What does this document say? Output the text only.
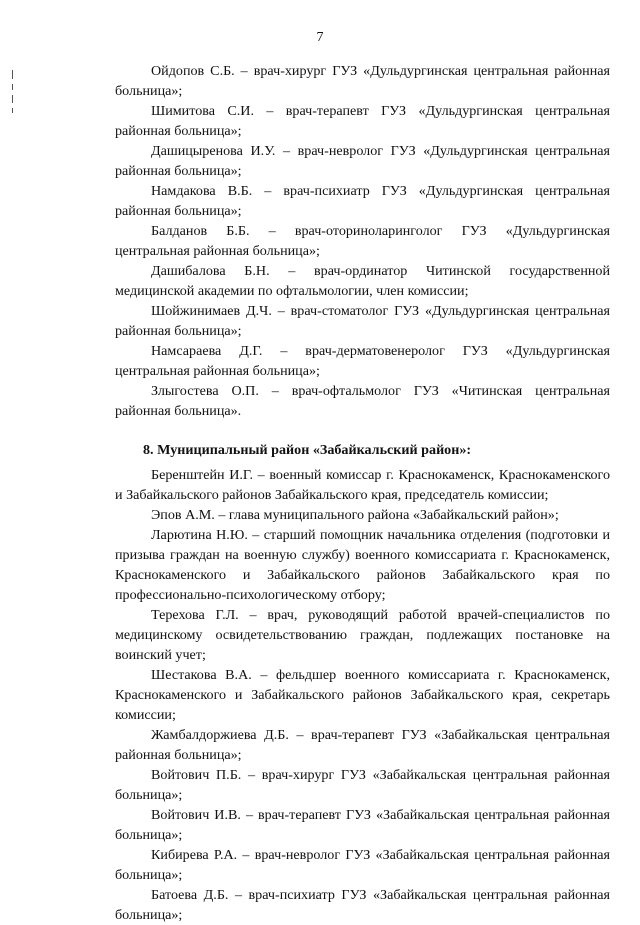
7

Ойдопов С.Б. – врач-хирург ГУЗ «Дульдургинская центральная районная больница»;

Шимитова С.И. – врач-терапевт ГУЗ «Дульдургинская центральная районная больница»;

Дашицыренова И.У. – врач-невролог ГУЗ «Дульдургинская центральная районная больница»;

Намдакова В.Б. – врач-психиатр ГУЗ «Дульдургинская центральная районная больница»;

Балданов Б.Б. – врач-оториноларинголог ГУЗ «Дульдургинская центральная районная больница»;

Дашибалова Б.Н. – врач-ординатор Читинской государственной медицинской академии по офтальмологии, член комиссии;

Шойжинимаев Д.Ч. – врач-стоматолог ГУЗ «Дульдургинская центральная районная больница»;

Намсараева Д.Г. – врач-дерматовенеролог ГУЗ «Дульдургинская центральная районная больница»;

Злыгостева О.П. – врач-офтальмолог ГУЗ «Читинская центральная районная больница».

8. Муниципальный район «Забайкальский район»:

Беренштейн И.Г. – военный комиссар г. Краснокаменск, Краснокаменского и Забайкальского районов Забайкальского края, председатель комиссии;

Эпов А.М. – глава муниципального района «Забайкальский район»;

Ларютина Н.Ю. – старший помощник начальника отделения (подготовки и призыва граждан на военную службу) военного комиссариата г. Краснокаменск, Краснокаменского и Забайкальского районов Забайкальского края по профессионально-психологическому отбору;

Терехова Г.Л. – врач, руководящий работой врачей-специалистов по медицинскому освидетельствованию граждан, подлежащих постановке на воинский учет;

Шестакова В.А. – фельдшер военного комиссариата г. Краснокаменск, Краснокаменского и Забайкальского районов Забайкальского края, секретарь комиссии;

Жамбалдоржиева Д.Б. – врач-терапевт ГУЗ «Забайкальская центральная районная больница»;

Войтович П.Б. – врач-хирург ГУЗ «Забайкальская центральная районная больница»;

Войтович И.В. – врач-терапевт ГУЗ «Забайкальская центральная районная больница»;

Кибирева Р.А. – врач-невролог ГУЗ «Забайкальская центральная районная больница»;

Батоева Д.Б. – врач-психиатр ГУЗ «Забайкальская центральная районная больница»;
